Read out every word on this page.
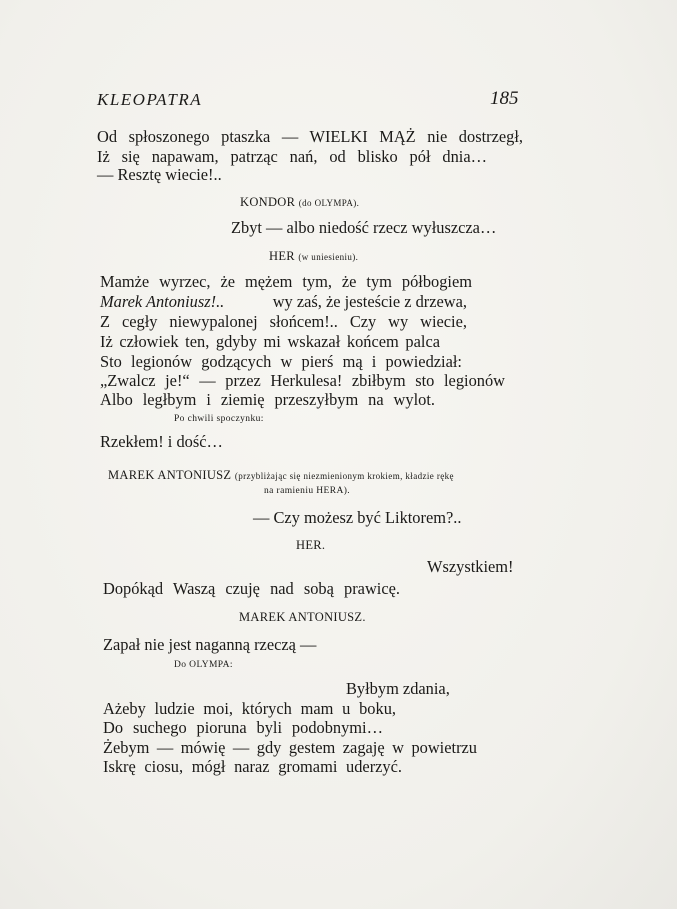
KLEOPATRA	185
Od spłoszonego ptaszka — WIELKI MĄŻ nie dostrzegł,
Iż się napawam, patrząc nań, od blisko pół dnia…
— Resztę wiecie!..
KONDOR (do OLYMPA).
Zbyt — albo niedość rzecz wyłuszcza…
HER (w uniesieniu).
Mamże wyrzec, że mężem tym, że tym półbogiem
Marek Antoniusz!..	wy zaś, że jesteście z drzewa,
Z cegły niewypalonej słońcem!.. Czy wy wiecie,
Iż człowiek ten, gdyby mi wskazał końcem palca
Sto legionów godzących w pierś mą i powiedział:
„Zwalcz je!“ — przez Herkulesa! zbiłbym sto legionów
Albo ległbym i ziemię przeszyłbym na wylot.
Po chwili spoczynku:
Rzekłem! i dość…
MAREK ANTONIUSZ (przybliżając się niezmienionym krokiem, kładzie rękę
na ramieniu HERA).
— Czy możesz być Liktorem?..
HER.
Wszystkiem!
Dopókąd Waszą czuję nad sobą prawicę.
MAREK ANTONIUSZ.
Zapał nie jest naganną rzeczą —
Do OLYMPA:
Byłbym zdania,
Ażeby ludzie moi, których mam u boku,
Do suchego pioruna byli podobnymi…
Żebym — mówię — gdy gestem zagaję w powietrzu
Iskrę ciosu, mógł naraz gromami uderzyć.
